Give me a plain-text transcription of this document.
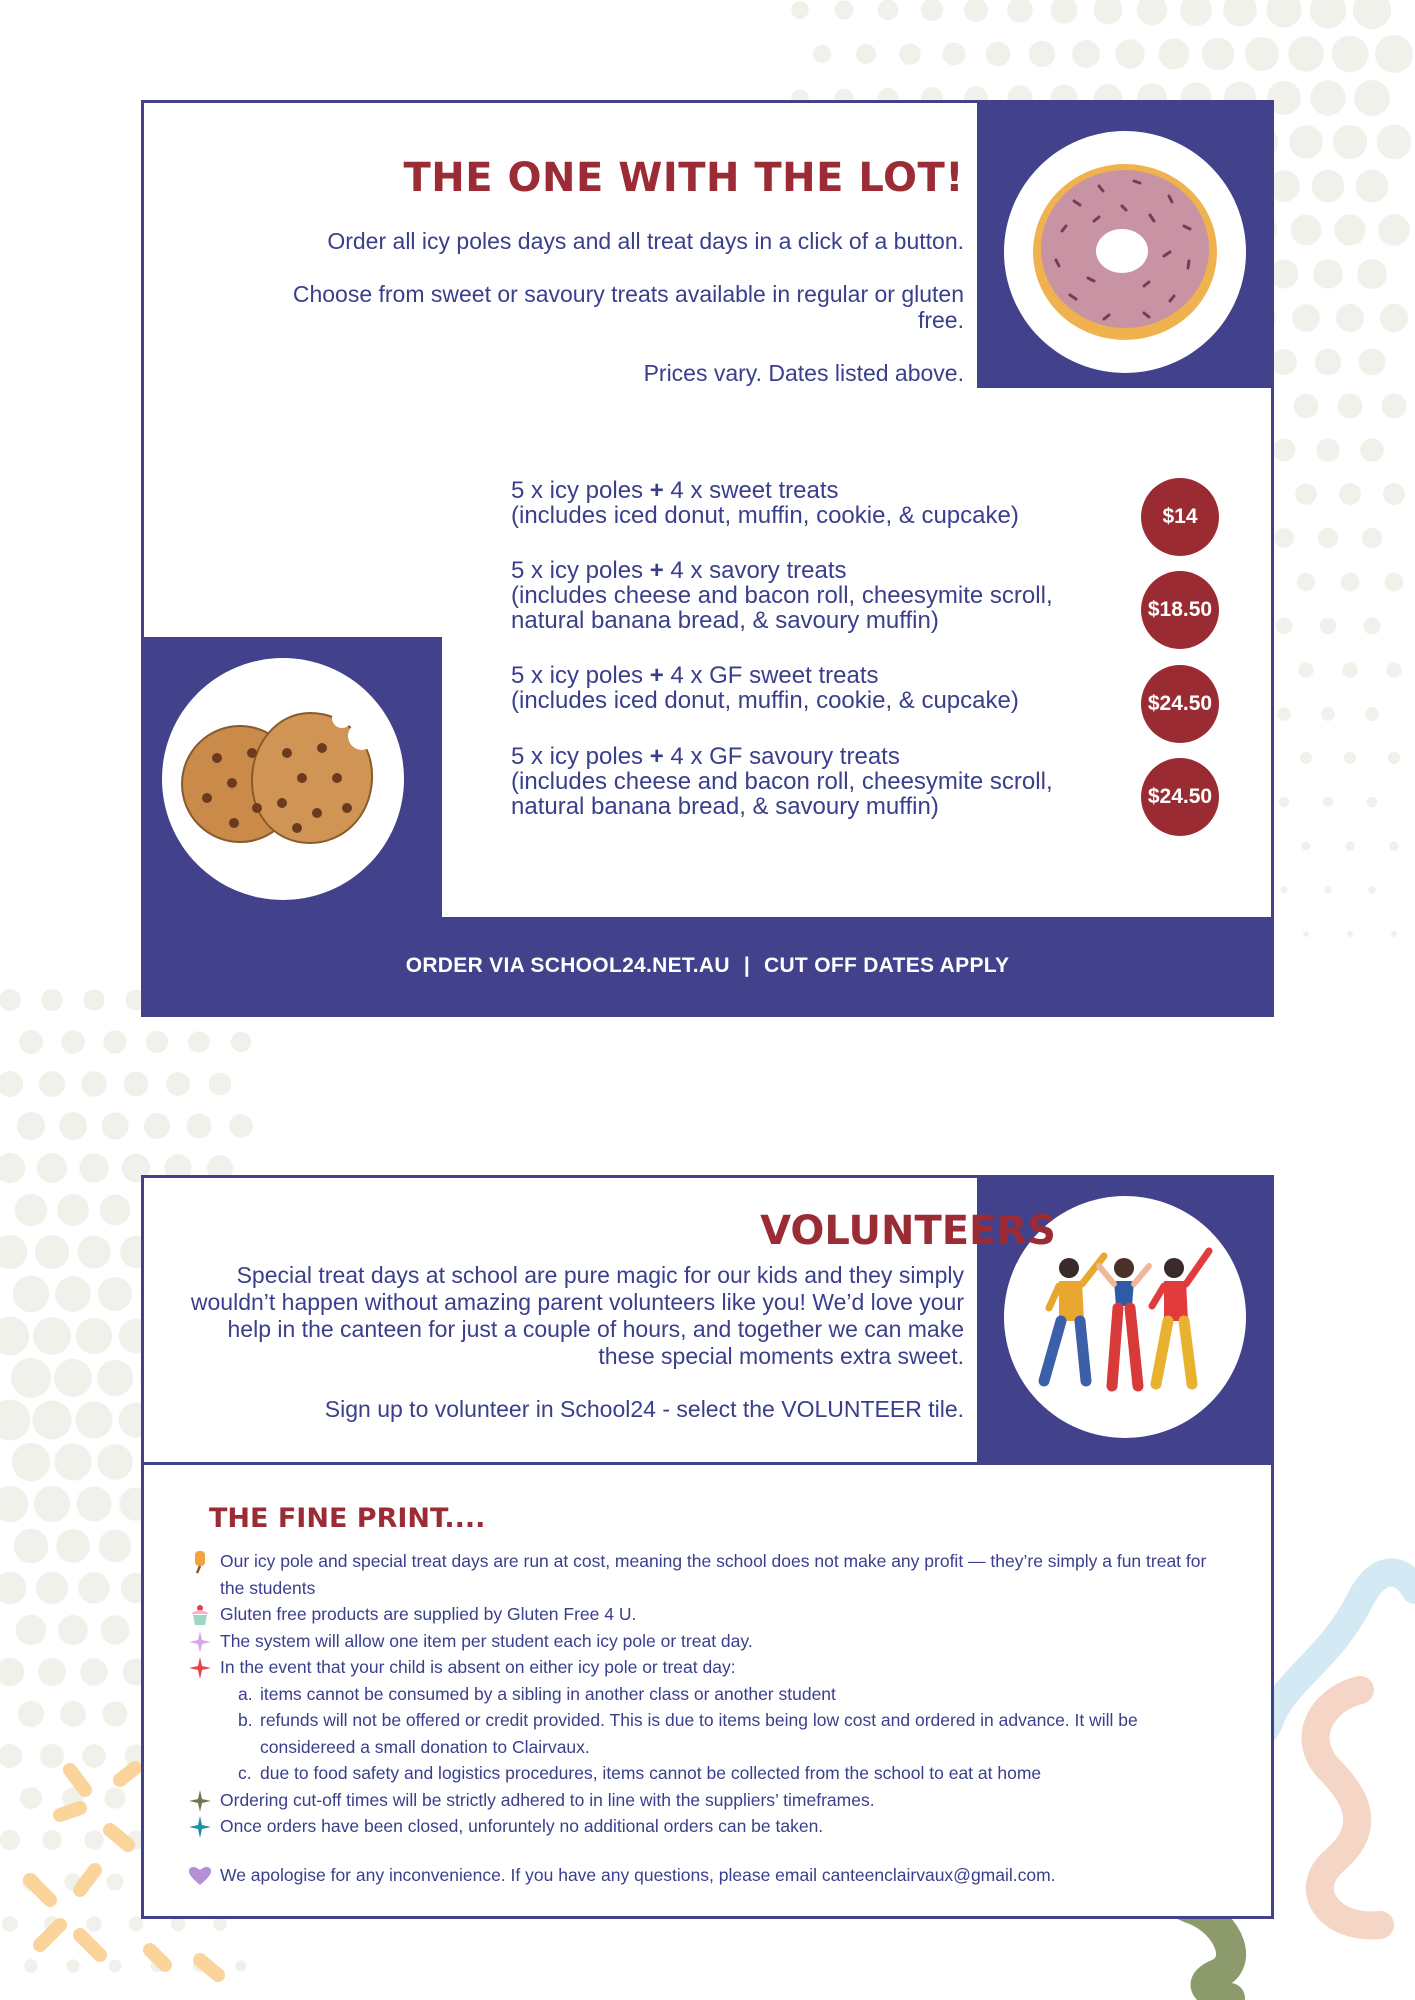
THE ONE WITH THE LOT!

Order all icy poles days and all treat days in a click of a button.

Choose from sweet or savoury treats available in regular or gluten free.

Prices vary. Dates listed above.

5 x icy poles + 4 x sweet treats
(includes iced donut, muffin, cookie, & cupcake)	$14
5 x icy poles + 4 x savory treats
(includes cheese and bacon roll, cheesymite scroll, natural banana bread, & savoury muffin)	$18.50
5 x icy poles + 4 x GF sweet treats
(includes iced donut, muffin, cookie, & cupcake)	$24.50
5 x icy poles + 4 x GF savoury treats
(includes cheese and bacon roll, cheesymite scroll, natural banana bread, & savoury muffin)	$24.50
ORDER VIA SCHOOL24.NET.AU | CUT OFF DATES APPLY
VOLUNTEERS

Special treat days at school are pure magic for our kids and they simply wouldn’t happen without amazing parent volunteers like you! We’d love your help in the canteen for just a couple of hours, and together we can make these special moments extra sweet.

Sign up to volunteer in School24 - select the VOLUNTEER tile.

THE FINE PRINT....
Our icy pole and special treat days are run at cost, meaning the school does not make any profit — they’re simply a fun treat for the students
Gluten free products are supplied by Gluten Free 4 U.
The system will allow one item per student each icy pole or treat day.
In the event that your child is absent on either icy pole or treat day:
a. items cannot be consumed by a sibling in another class or another student
b. refunds will not be offered or credit provided. This is due to items being low cost and ordered in advance. It will be considereed a small donation to Clairvaux.
c. due to food safety and logistics procedures, items cannot be collected from the school to eat at home
Ordering cut-off times will be strictly adhered to in line with the suppliers’ timeframes.
Once orders have been closed, unforuntely no additional orders can be taken.
We apologise for any inconvenience. If you have any questions, please email canteenclairvaux@gmail.com.
